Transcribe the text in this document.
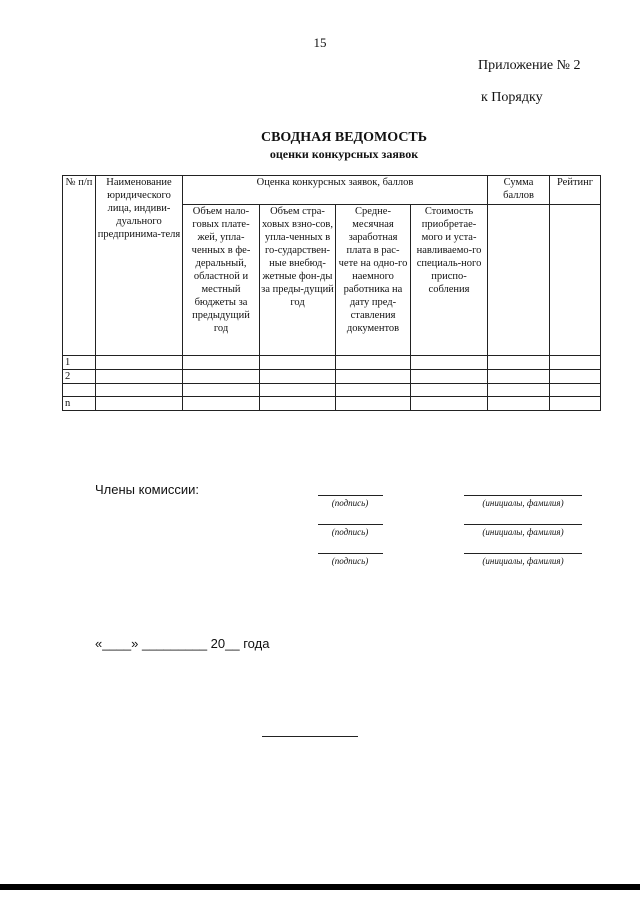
15
Приложение № 2
к Порядку
СВОДНАЯ ВЕДОМОСТЬ
оценки конкурсных заявок
№ п/п	Наименование юридического лица, индиви-дуального предпринима-теля	Оценка конкурсных заявок, баллов				Сумма баллов	Рейтинг
		Объем нало-говых плате-жей, упла-ченных в фе-деральный, областной и местный бюджеты за предыдущий год	Объем стра-ховых взно-сов, упла-ченных в го-сударствен-ные внебюд-жетные фон-ды за преды-дущий год	Средне-месячная заработная плата в рас-чете на одно-го наемного работника на дату пред-ставления документов	Стоимость приобретае-мого и уста-навливаемо-го специаль-ного приспо-собления		
1							
2							

n							
Члены комиссии:
(подпись)	(инициалы, фамилия)
(подпись)	(инициалы, фамилия)
(подпись)	(инициалы, фамилия)
«____» _________ 20__ года
